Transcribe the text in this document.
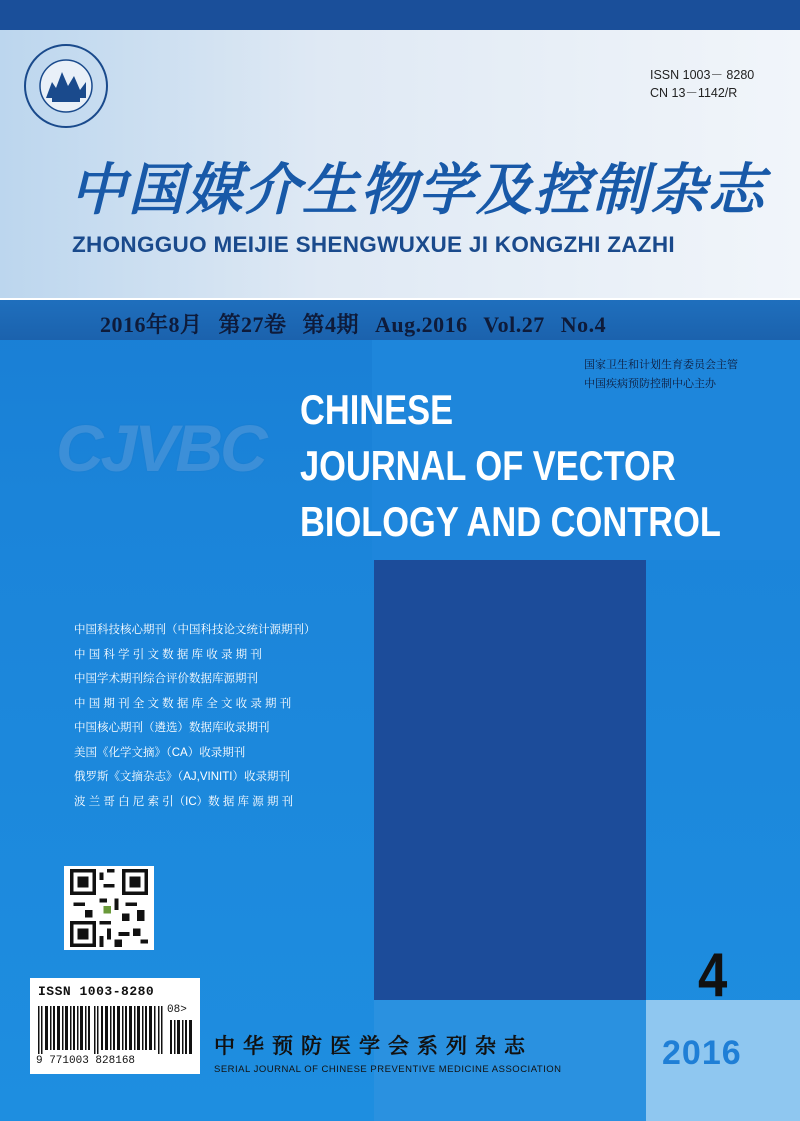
ISSN 1003－ 8280
CN 13－1142/R
中国媒介生物学及控制杂志
ZHONGGUO MEIJIE SHENGWUXUE JI KONGZHI ZAZHI
2016年8月 第27卷 第4期 Aug.2016 Vol.27 No.4
国家卫生和计划生育委员会主管
中国疾病预防控制中心主办
CJVBC
CHINESE
JOURNAL OF VECTOR
BIOLOGY AND CONTROL
中国科技核心期刊（中国科技论文统计源期刊）
中 国 科 学 引 文 数 据 库 收 录 期 刊
中国学术期刊综合评价数据库源期刊
中 国 期 刊 全 文 数 据 库 全 文 收 录 期 刊
中国核心期刊（遴选）数据库收录期刊
美国《化学文摘》（CA）收录期刊
俄罗斯《文摘杂志》（AJ,VINITI）收录期刊
波 兰 哥 白 尼 索 引（IC）数 据 库 源 期 刊
4
2016
ISSN 1003-8280
9 771003 828168
08>
中华预防医学会系列杂志
SERIAL JOURNAL OF CHINESE PREVENTIVE MEDICINE ASSOCIATION
